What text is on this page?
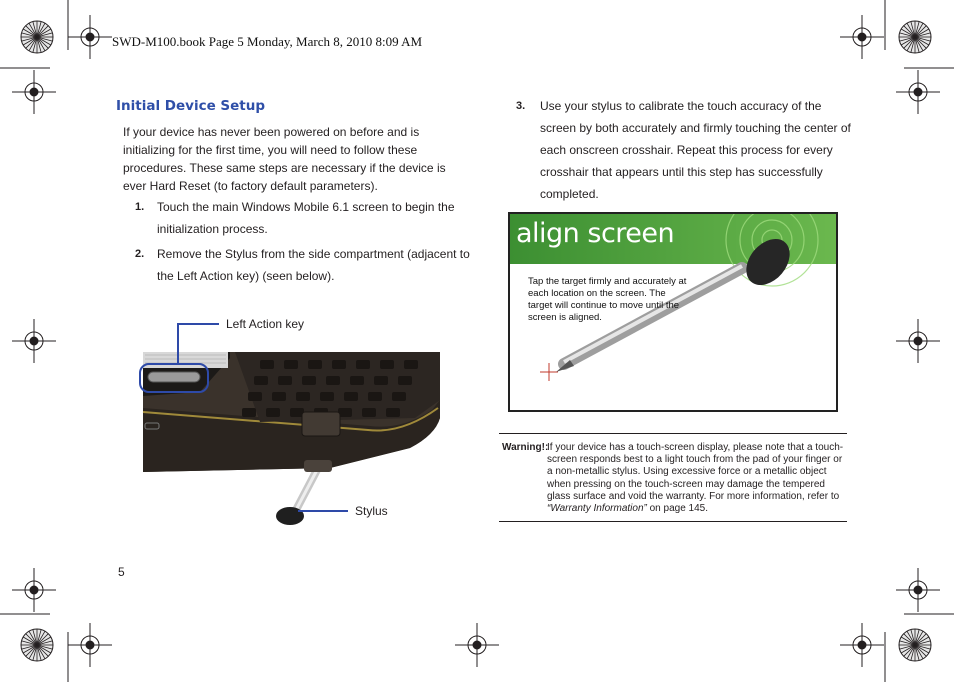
SWD-M100.book Page 5 Monday, March 8, 2010 8:09 AM
Initial Device Setup
If your device has never been powered on before and is initializing for the first time, you will need to follow these procedures. These same steps are necessary if the device is ever Hard Reset (to factory default parameters).
1. Touch the main Windows Mobile 6.1 screen to begin the
initialization process.
2. Remove the Stylus from the side compartment (adjacent to
the Left Action key) (seen below).
Left Action key
Stylus
3. Use your stylus to calibrate the touch accuracy of the
screen by both accurately and firmly touching the center of
each onscreen crosshair. Repeat this process for every
crosshair that appears until this step has successfully
completed.
align screen
Tap the target firmly and accurately at each location on the screen. The target will continue to move until the screen is aligned.
Warning!:
If your device has a touch-screen display, please note that a touch-screen responds best to a light touch from the pad of your finger or a non-metallic stylus. Using excessive force or a metallic object when pressing on the touch-screen may damage the tempered glass surface and void the warranty. For more information, refer to “Warranty Information” on page 145.
5
